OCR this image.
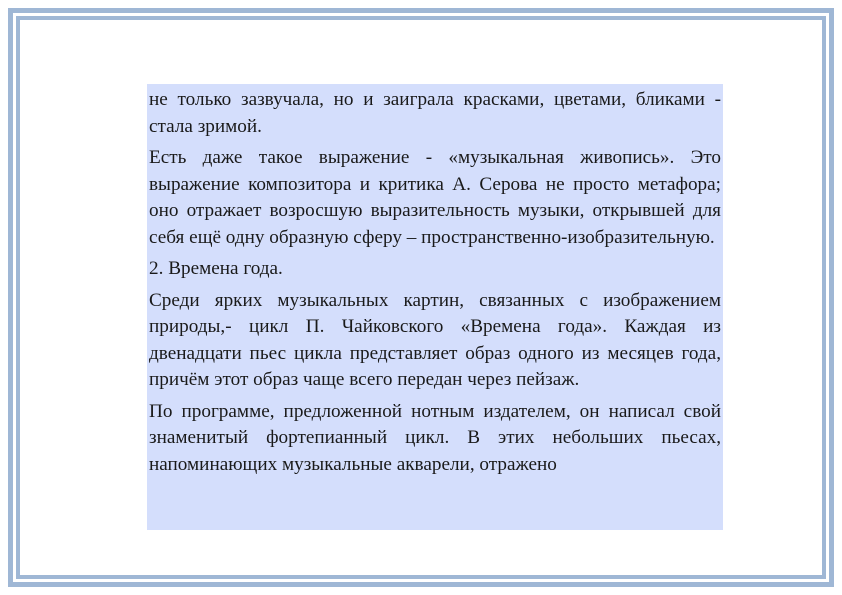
не только зазвучала, но и заиграла красками, цветами, бликами - стала зримой.

Есть даже такое выражение - «музыкальная живопись». Это выражение композитора и критика А. Серова не просто метафора; оно отражает возросшую выразительность музыки, открывшей для себя ещё одну образную сферу – пространственно-изобразительную.

2. Времена года.

Среди ярких музыкальных картин, связанных с изображением природы,- цикл П. Чайковского «Времена года». Каждая из двенадцати пьес цикла представляет образ одного из месяцев года, причём этот образ чаще всего передан через пейзаж.

По программе, предложенной нотным издателем, он написал свой знаменитый фортепианный цикл. В этих небольших пьесах, напоминающих музыкальные акварели, отражено
